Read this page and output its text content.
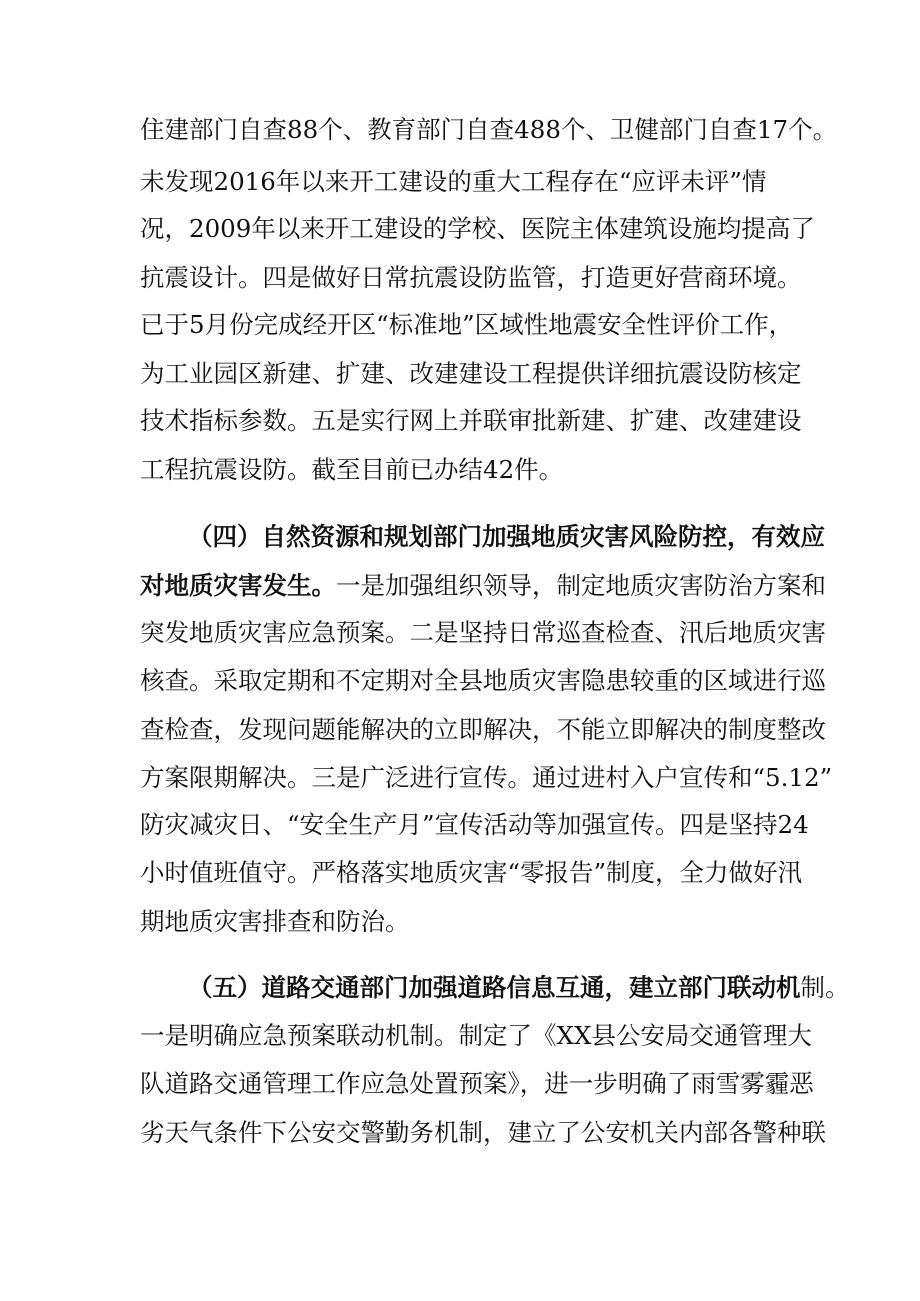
住建部门自查88个、教育部门自查488个、卫健部门自查17个。
未发现2016年以来开工建设的重大工程存在“应评未评”情
况，2009年以来开工建设的学校、医院主体建筑设施均提高了
抗震设计。四是做好日常抗震设防监管，打造更好营商环境。
已于5月份完成经开区“标准地”区域性地震安全性评价工作，
为工业园区新建、扩建、改建建设工程提供详细抗震设防核定
技术指标参数。五是实行网上并联审批新建、扩建、改建建设
工程抗震设防。截至目前已办结42件。
（四）自然资源和规划部门加强地质灾害风险防控，有效应
对地质灾害发生。一是加强组织领导，制定地质灾害防治方案和
突发地质灾害应急预案。二是坚持日常巡查检查、汛后地质灾害
核查。采取定期和不定期对全县地质灾害隐患较重的区域进行巡
查检查，发现问题能解决的立即解决，不能立即解决的制度整改
方案限期解决。三是广泛进行宣传。通过进村入户宣传和“5.12”
防灾减灾日、“安全生产月”宣传活动等加强宣传。四是坚持24
小时值班值守。严格落实地质灾害“零报告”制度，全力做好汛
期地质灾害排查和防治。
（五）道路交通部门加强道路信息互通，建立部门联动机制。
一是明确应急预案联动机制。制定了《XX县公安局交通管理大
队道路交通管理工作应急处置预案》，进一步明确了雨雪雾霾恶
劣天气条件下公安交警勤务机制，建立了公安机关内部各警种联
